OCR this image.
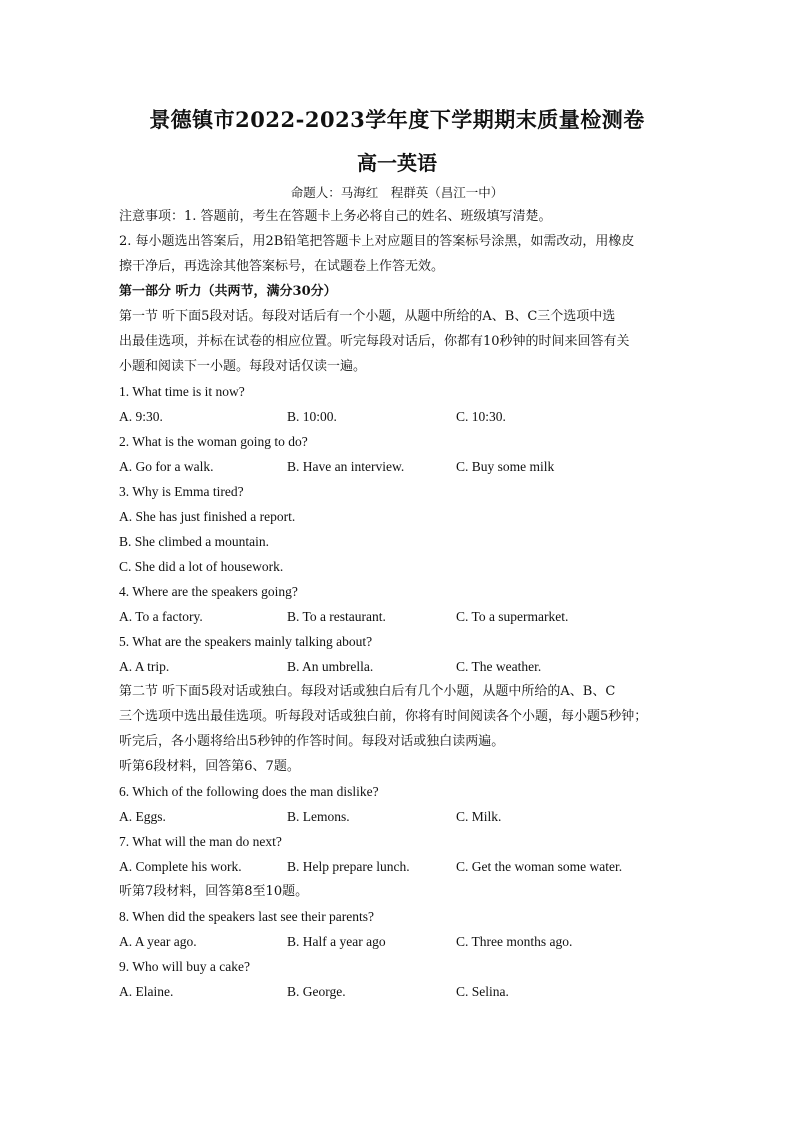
景德镇市2022-2023学年度下学期期末质量检测卷
高一英语
命题人：马海红　程群英（昌江一中）
注意事项：1. 答题前，考生在答题卡上务必将自己的姓名、班级填写清楚。
2. 每小题选出答案后，用2B铅笔把答题卡上对应题目的答案标号涂黑，如需改动，用橡皮
擦干净后，再选涂其他答案标号，在试题卷上作答无效。
第一部分 听力（共两节，满分30分）
第一节 听下面5段对话。每段对话后有一个小题，从题中所给的A、B、C三个选项中选
出最佳选项，并标在试卷的相应位置。听完每段对话后，你都有10秒钟的时间来回答有关
小题和阅读下一小题。每段对话仅读一遍。
1. What time is it now?
A. 9:30.	B. 10:00.	C. 10:30.
2. What is the woman going to do?
A. Go for a walk.	B. Have an interview.	C. Buy some milk
3. Why is Emma tired?
A. She has just finished a report.
B. She climbed a mountain.
C. She did a lot of housework.
4. Where are the speakers going?
A. To a factory.	B. To a restaurant.	C. To a supermarket.
5. What are the speakers mainly talking about?
A. A trip.	B. An umbrella.	C. The weather.
第二节 听下面5段对话或独白。每段对话或独白后有几个小题，从题中所给的A、B、C
三个选项中选出最佳选项。听每段对话或独白前，你将有时间阅读各个小题，每小题5秒钟；
听完后，各小题将给出5秒钟的作答时间。每段对话或独白读两遍。
听第6段材料，回答第6、7题。
6. Which of the following does the man dislike?
A. Eggs.	B. Lemons.	C. Milk.
7. What will the man do next?
A. Complete his work.	B. Help prepare lunch.	C. Get the woman some water.
听第7段材料，回答第8至10题。
8. When did the speakers last see their parents?
A. A year ago.	B. Half a year ago	C. Three months ago.
9. Who will buy a cake?
A. Elaine.	B. George.	C. Selina.
